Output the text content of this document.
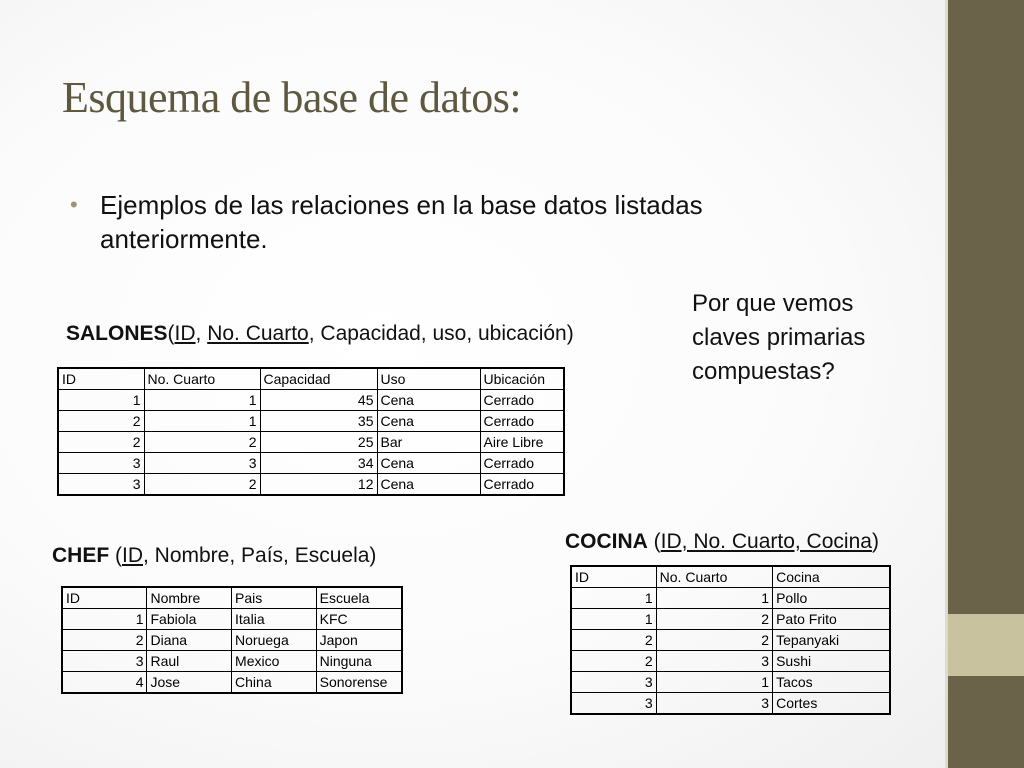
Esquema de base de datos:
• Ejemplos de las relaciones en la base datos listadas anteriormente.
Por que vemos claves primarias compuestas?
SALONES(ID, No. Cuarto, Capacidad, uso, ubicación)
ID	No. Cuarto	Capacidad	Uso	Ubicación
1	1	45	Cena	Cerrado
2	1	35	Cena	Cerrado
2	2	25	Bar	Aire Libre
3	3	34	Cena	Cerrado
3	2	12	Cena	Cerrado
CHEF (ID, Nombre, País, Escuela)
ID	Nombre	Pais	Escuela
1	Fabiola	Italia	KFC
2	Diana	Noruega	Japon
3	Raul	Mexico	Ninguna
4	Jose	China	Sonorense
COCINA (ID, No. Cuarto, Cocina)
ID	No. Cuarto	Cocina
1	1	Pollo
1	2	Pato Frito
2	2	Tepanyaki
2	3	Sushi
3	1	Tacos
3	3	Cortes
